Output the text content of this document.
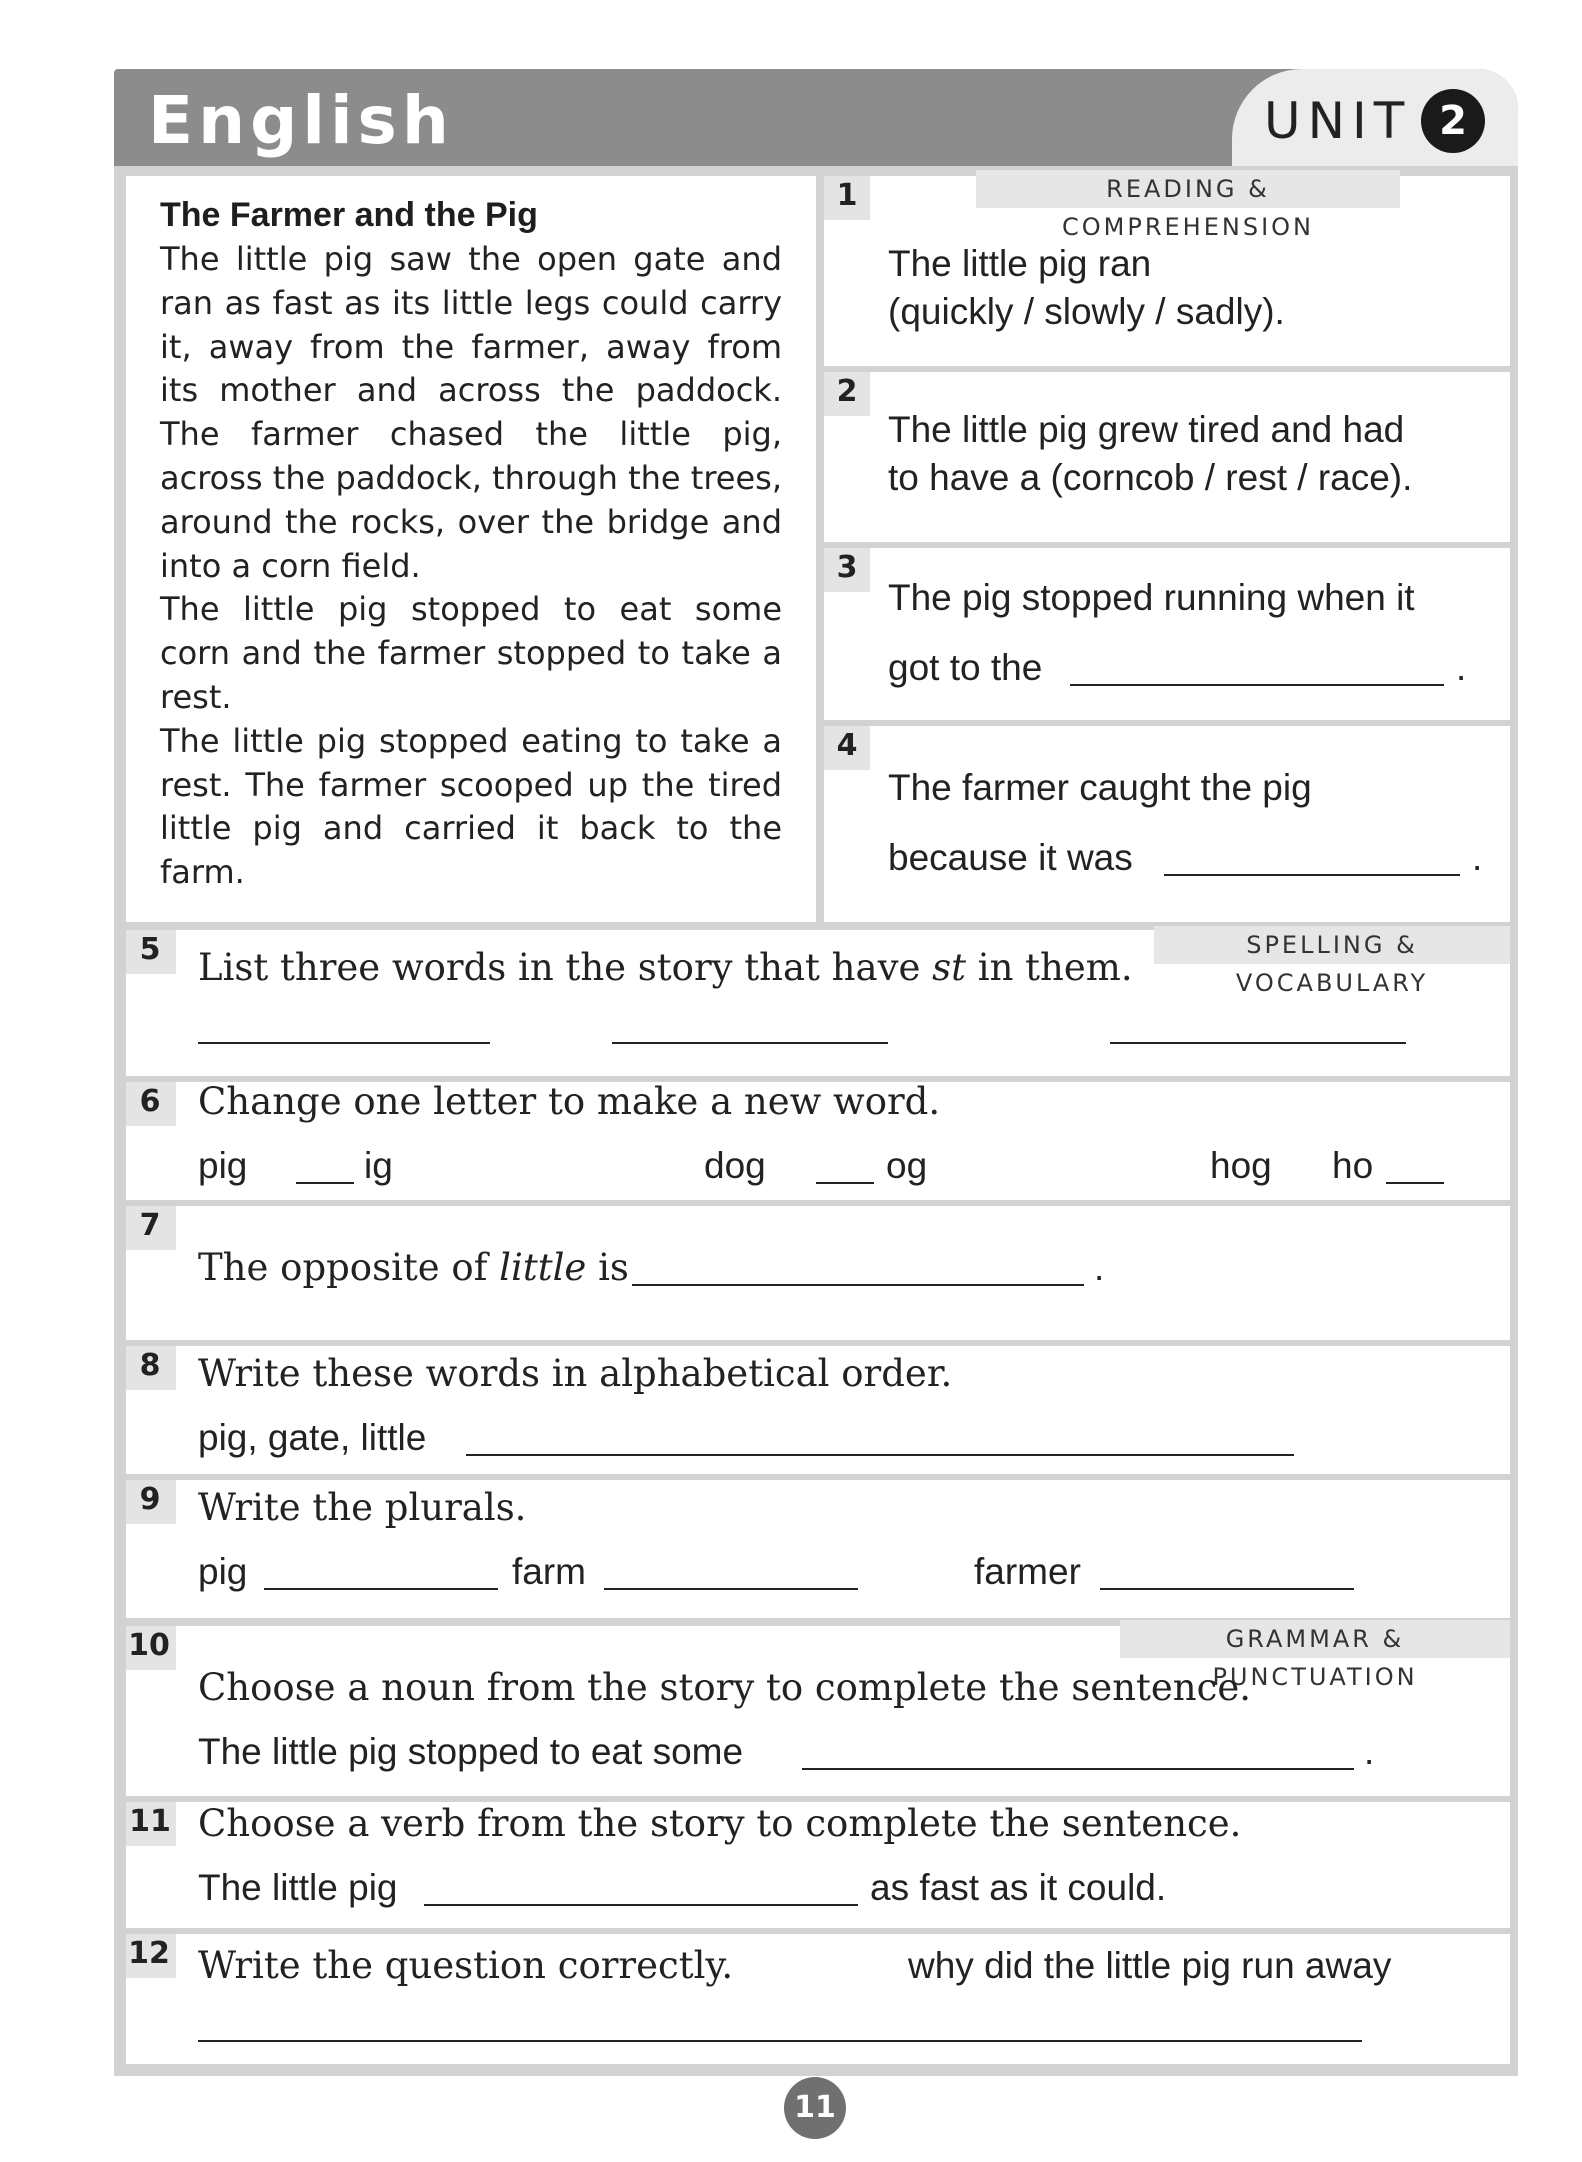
English	UNIT 2
The Farmer and the Pig

The little pig saw the open gate and ran as fast as its little legs could carry it, away from the farmer, away from its mother and across the paddock. The farmer chased the little pig, across the paddock, through the trees, around the rocks, over the bridge and into a corn field.

The little pig stopped to eat some corn and the farmer stopped to take a rest.

The little pig stopped eating to take a rest. The farmer scooped up the tired little pig and carried it back to the farm.

READING & COMPREHENSION
1
The little pig ran
(quickly / slowly / sadly).
2
The little pig grew tired and had
to have a (corncob / rest / race).
3
The pig stopped running when it
got to the	.
4
The farmer caught the pig
because it was	.
SPELLING & VOCABULARY
GRAMMAR & PUNCTUATION
5	List three words in the story that have st in them.
6	Change one letter to make a new word.
pig	ig	dog	og	hog ho
7
The opposite of little is	.
8	Write these words in alphabetical order.
pig, gate, little
9	Write the plurals.
pig	farm	farmer
10
Choose a noun from the story to complete the sentence.
The little pig stopped to eat some	.
11 Choose a verb from the story to complete the sentence.
The little pig	as fast as it could.
12 Write the question correctly.	why did the little pig run away
11
